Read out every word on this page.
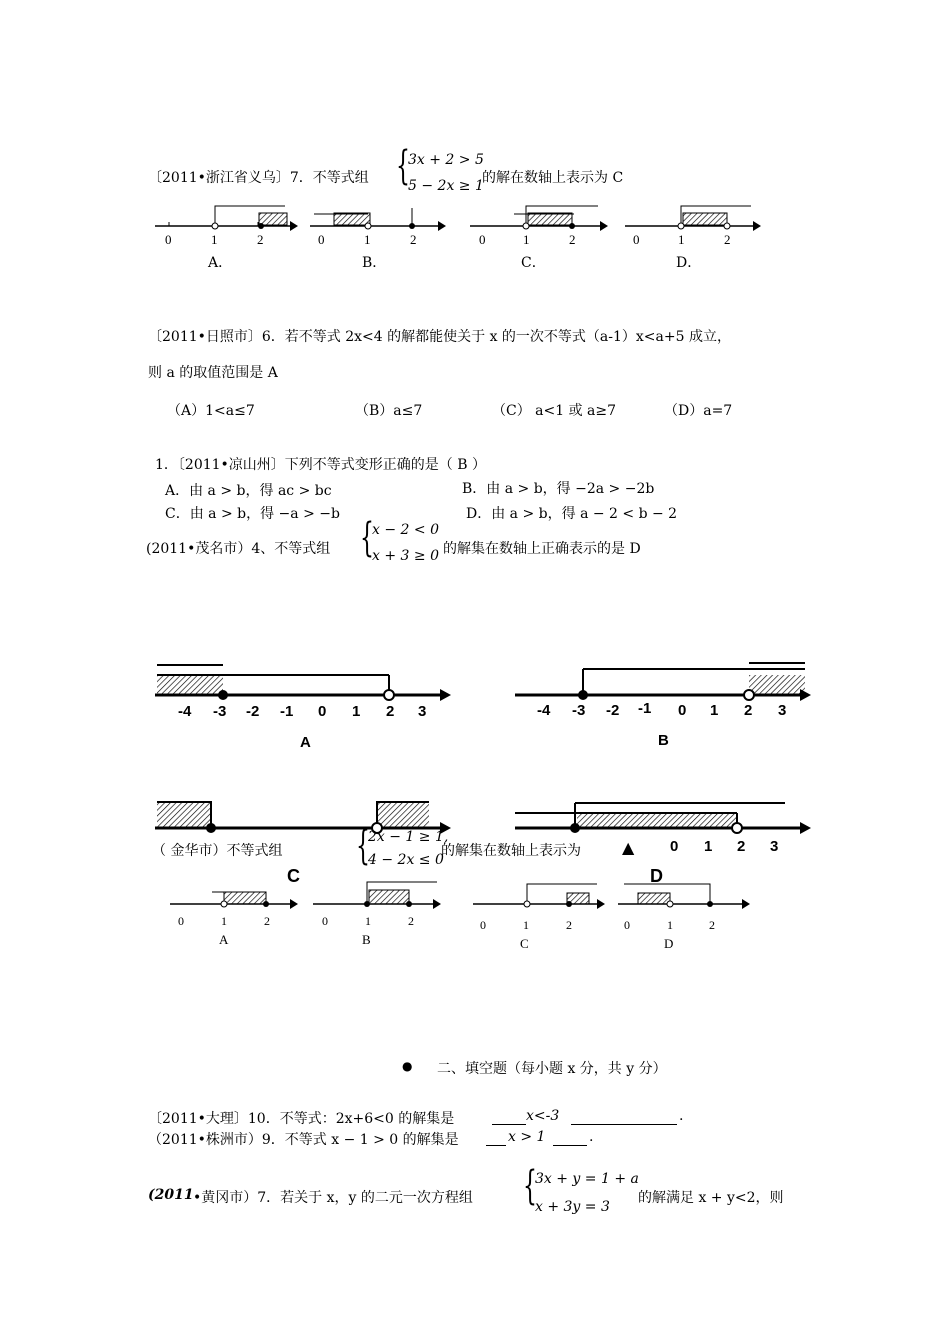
〔2011•浙江省义乌〕7．不等式组 {
3x + 2 > 5
5 − 2x ≥ 1
的解在数轴上表示为 C
0	1	2
A．
0	1	2
B．
0	1	2
C．
0	1	2
D．
〔2011•日照市〕6．若不等式 2x<4 的解都能使关于 x 的一次不等式（a-1）x<a+5 成立，
则 a 的取值范围是 A
（A）1<a≤7	（B）a≤7	（C） a<1 或 a≥7	（D）a=7
1．〔2011•凉山州〕下列不等式变形正确的是（ B ）
A．由 a > b，得 ac > bc	B．由 a > b，得 −2a > −2b
C．由 a > b，得 −a > −b	D．由 a > b，得 a − 2 < b − 2
(2011•茂名市）4、不等式组 {
x − 2 < 0
x + 3 ≥ 0 的解集在数轴上正确表示的是 D
-4 -3 -2 -1 0 1 2 3
A
-4 -3 -2 -1 0 1 2 3
B
0 1 2 3
（ 金华市）不等式组 {
2x − 1 ≥ 1,
4 − 2x ≤ 0
的解集在数轴上表示为	▲
C	D
0	1	2
A
0	1	2
B
0	1	2
C
0	1	2
D
● 二、填空题（每小题 x 分，共 y 分）
〔2011•大理〕10．不等式：2x+6<0 的解集是	x<-3	.
（2011•株洲市）9．不等式 x − 1 > 0 的解集是	x > 1	.
(2011 •黄冈市）7．若关于 x，y 的二元一次方程组 {
3x + y = 1 + a
x + 3y = 3
的解满足 x + y<2，则
